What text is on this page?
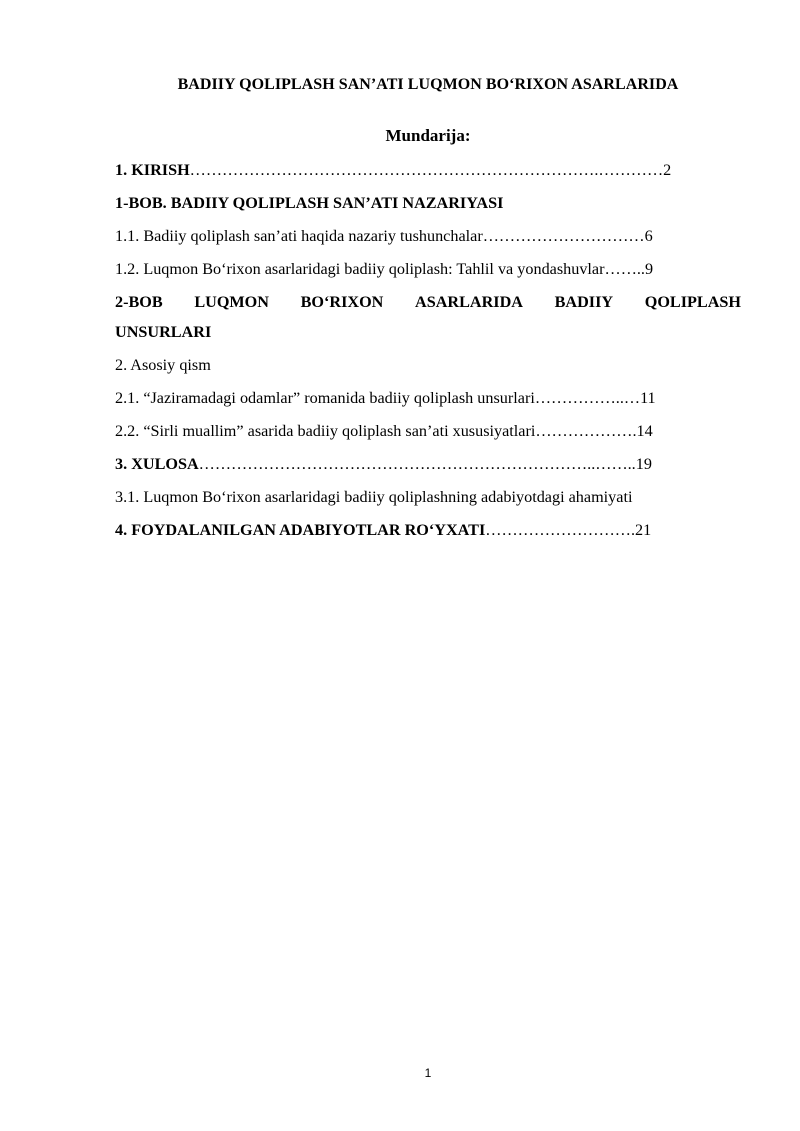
BADIIY QOLIPLASH SAN’ATI LUQMON BO‘RIXON ASARLARIDA
Mundarija:
1. KIRISH………………………………………………………………….…………2
1-BOB. BADIIY QOLIPLASH SAN’ATI NAZARIYASI
1.1. Badiiy qoliplash san’ati haqida nazariy tushunchalar…………………………6
1.2. Luqmon Bo‘rixon asarlaridagi badiiy qoliplash: Tahlil va yondashuvlar……..9
2-BOB LUQMON BO‘RIXON ASARLARIDA BADIIY QOLIPLASH
UNSURLARI
2. Asosiy qism
2.1. “Jaziramadagi odamlar” romanida badiiy qoliplash unsurlari……………..…11
2.2. “Sirli muallim” asarida badiiy qoliplash san’ati xususiyatlari……………….14
3. XULOSA………………………………………………………………..……..19
3.1. Luqmon Bo‘rixon asarlaridagi badiiy qoliplashning adabiyotdagi ahamiyati
4. FOYDALANILGAN ADABIYOTLAR RO‘YXATI……………………….21
1
